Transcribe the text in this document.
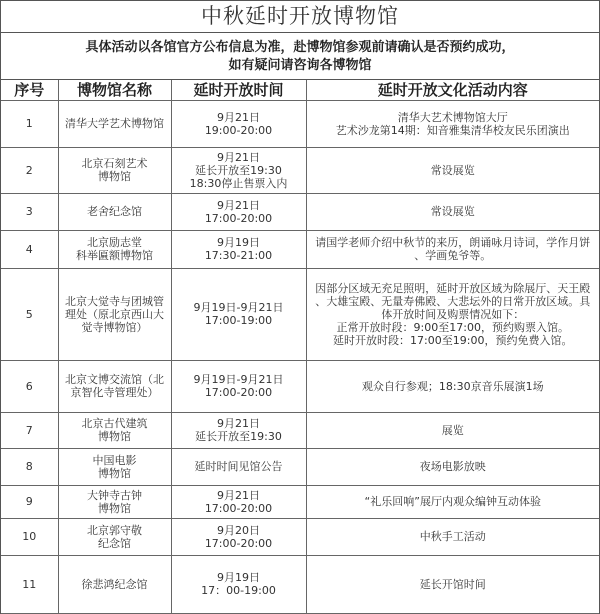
中秋延时开放博物馆
具体活动以各馆官方公布信息为准，赴博物馆参观前请确认是否预约成功，
如有疑问请咨询各博物馆
序号	博物馆名称	延时开放时间	延时开放文化活动内容
1	清华大学艺术博物馆	9月21日
19:00-20:00	清华大艺术博物馆大厅
艺术沙龙第14期：知音雅集清华校友民乐团演出

2	北京石刻艺术
博物馆	9月21日
延长开放至19:30
18:30停止售票入内	常设展览

3	老舍纪念馆	9月21日
17:00-20:00	常设展览

4	北京励志堂
科举匾额博物馆	9月19日
17:30-21:00	请国学老师介绍中秋节的来历，朗诵咏月诗词，学作月饼
、学画兔爷等。

5	北京大觉寺与团城管
理处（原北京西山大
觉寺博物馆）	9月19日-9月21日
17:00-19:00	因部分区域无充足照明，延时开放区域为除展厅、天王殿
、大雄宝殿、无量寿佛殿、大悲坛外的日常开放区域。具
体开放时间及购票情况如下：
正常开放时段：9:00至17:00，预约购票入馆。
延时开放时段：17:00至19:00，预约免费入馆。

6	北京文博交流馆（北
京智化寺管理处）	9月19日-9月21日
17:00-20:00	观众自行参观；18:30京音乐展演1场

7	北京古代建筑
博物馆	9月21日
延长开放至19:30	展览

8	中国电影
博物馆	延时时间见馆公告	夜场电影放映

9	大钟寺古钟
博物馆	9月21日
17:00-20:00	“礼乐回响”展厅内观众编钟互动体验

10	北京郭守敬
纪念馆	9月20日
17:00-20:00	中秋手工活动

11	徐悲鸿纪念馆	9月19日
17：00-19:00	延长开馆时间
